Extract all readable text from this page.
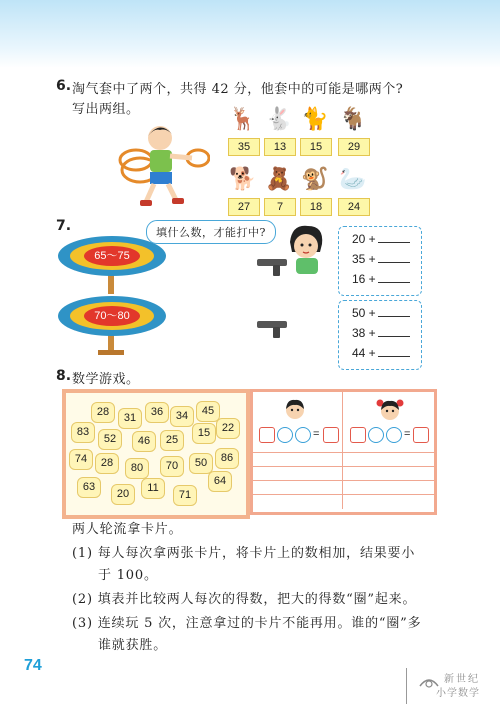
6. 淘气套中了两个，共得 42 分，他套中的可能是哪两个?
写出两组。	🦌 🐇 🐈 🐐
35	13	15	29
🐕 🧸 🐒 🦢
27	7	18	24
7.
65～75
70～80
填什么数，才能打中?	20 +
35 +
16 +
50 +
38 +
44 +
8. 数学游戏。
28	31	36	34	45
83
52	46	25
15	22
74	28	80	70	50	86
63
20	11
71
64
=	=
两人轮流拿卡片。
(1) 每人每次拿两张卡片，将卡片上的数相加，结果要小
于 100。
(2) 填表并比较两人每次的得数，把大的得数“圈”起来。
(3) 连续玩 5 次，注意拿过的卡片不能再用。谁的“圈”多
谁就获胜。
74
新世纪
小学数学
